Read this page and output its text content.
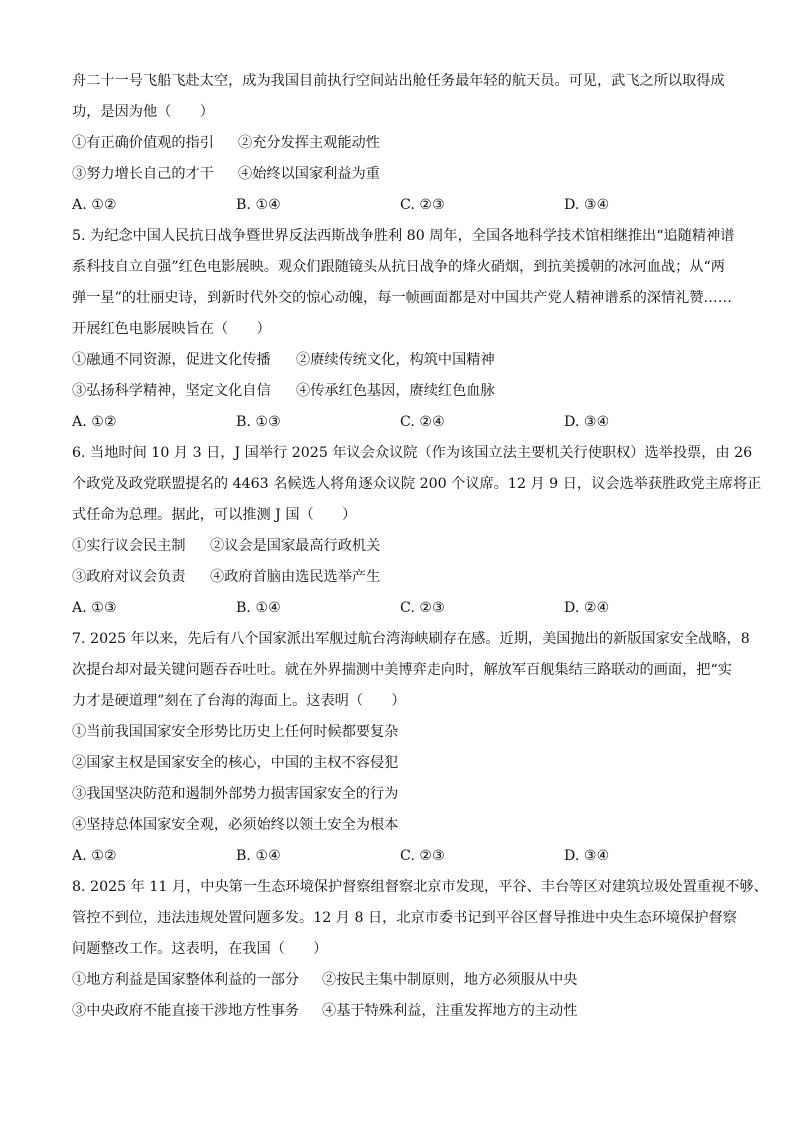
舟二十一号飞船飞赴太空，成为我国目前执行空间站出舱任务最年轻的航天员。可见，武飞之所以取得成

功，是因为他（　　）

①有正确价值观的指引	②充分发挥主观能动性
③努力增长自己的才干	④始终以国家利益为重
A. ①②	B. ①④	C. ②③	D. ③④

5. 为纪念中国人民抗日战争暨世界反法西斯战争胜利 80 周年，全国各地科学技术馆相继推出“追随精神谱

系科技自立自强”红色电影展映。观众们跟随镜头从抗日战争的烽火硝烟，到抗美援朝的冰河血战；从“两

弹一星”的壮丽史诗，到新时代外交的惊心动魄，每一帧画面都是对中国共产党人精神谱系的深情礼赞……

开展红色电影展映旨在（　　）

①融通不同资源，促进文化传播	②赓续传统文化，构筑中国精神
③弘扬科学精神，坚定文化自信	④传承红色基因，赓续红色血脉
A. ①②	B. ①③	C. ②④	D. ③④

6. 当地时间 10 月 3 日，J 国举行 2025 年议会众议院（作为该国立法主要机关行使职权）选举投票，由 26

个政党及政党联盟提名的 4463 名候选人将角逐众议院 200 个议席。12 月 9 日，议会选举获胜政党主席将正

式任命为总理。据此，可以推测 J 国（　　）

①实行议会民主制	②议会是国家最高行政机关
③政府对议会负责	④政府首脑由选民选举产生
A. ①③	B. ①④	C. ②③	D. ②④

7. 2025 年以来，先后有八个国家派出军舰过航台湾海峡刷存在感。近期，美国抛出的新版国家安全战略，8

次提台却对最关键问题吞吞吐吐。就在外界揣测中美博弈走向时，解放军百舰集结三路联动的画面，把“实

力才是硬道理”刻在了台海的海面上。这表明（　　）

①当前我国国家安全形势比历史上任何时候都要复杂

②国家主权是国家安全的核心，中国的主权不容侵犯

③我国坚决防范和遏制外部势力损害国家安全的行为

④坚持总体国家安全观，必须始终以领土安全为根本

A. ①②	B. ①④	C. ②③	D. ③④

8. 2025 年 11 月，中央第一生态环境保护督察组督察北京市发现，平谷、丰台等区对建筑垃圾处置重视不够、

管控不到位，违法违规处置问题多发。12 月 8 日，北京市委书记到平谷区督导推进中央生态环境保护督察

问题整改工作。这表明，在我国（　　）

①地方利益是国家整体利益的一部分	②按民主集中制原则，地方必须服从中央
③中央政府不能直接干涉地方性事务	④基于特殊利益，注重发挥地方的主动性
